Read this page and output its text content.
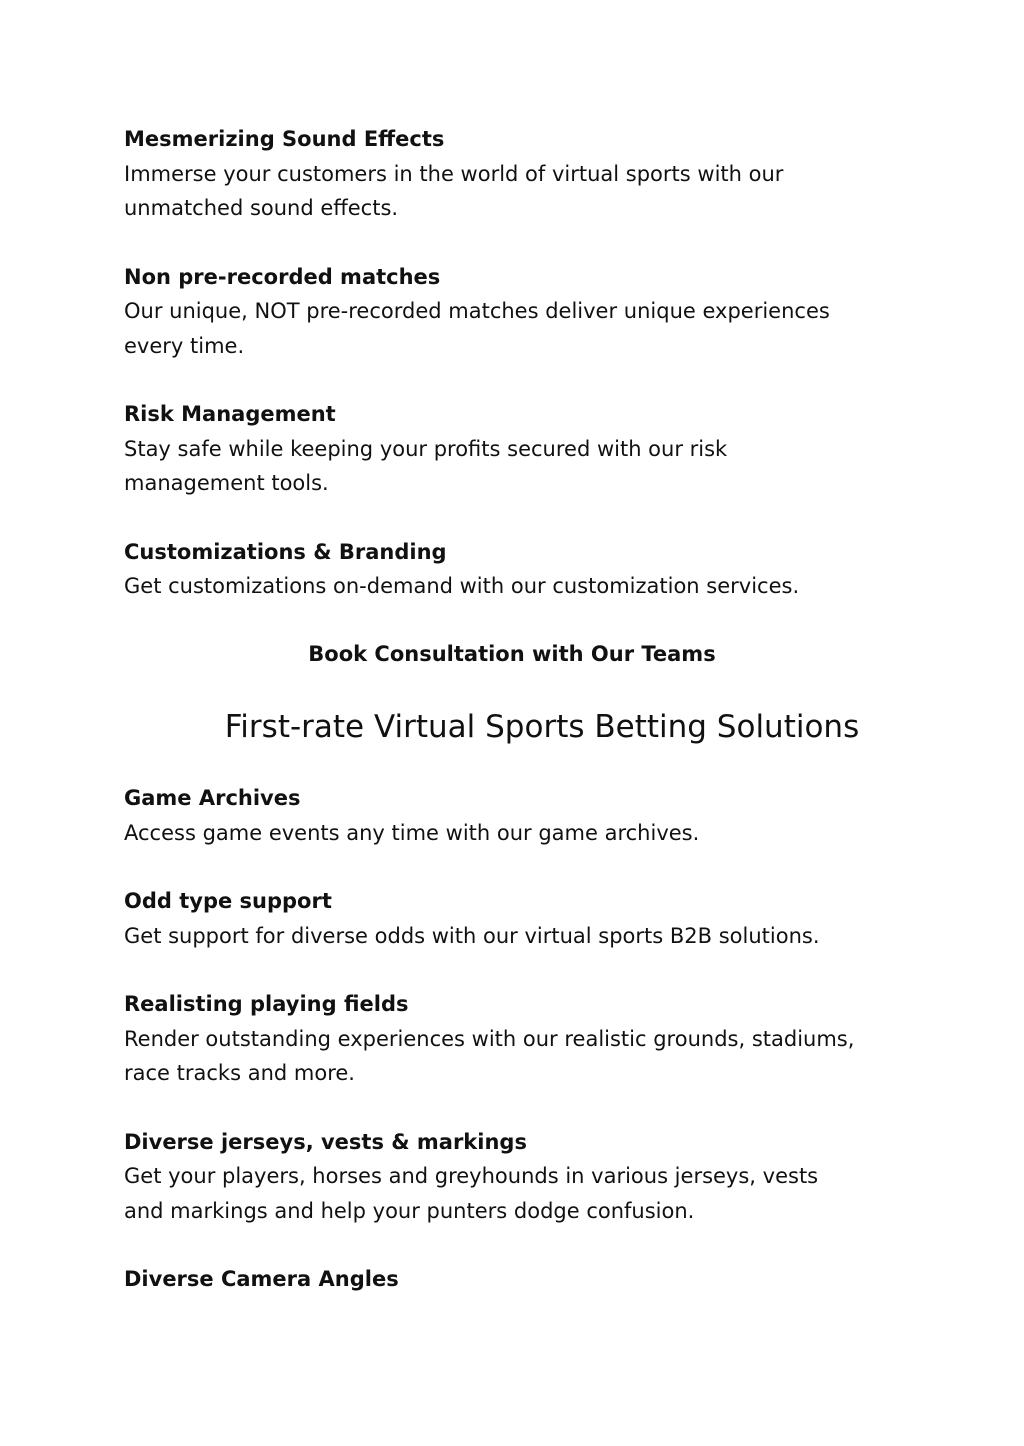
Mesmerizing Sound Effects
Immerse your customers in the world of virtual sports with our
unmatched sound effects.
Non pre-recorded matches
Our unique, NOT pre-recorded matches deliver unique experiences
every time.
Risk Management
Stay safe while keeping your profits secured with our risk
management tools.
Customizations & Branding
Get customizations on-demand with our customization services.
Book Consultation with Our Teams
First-rate Virtual Sports Betting Solutions
Game Archives
Access game events any time with our game archives.
Odd type support
Get support for diverse odds with our virtual sports B2B solutions.
Realisting playing fields
Render outstanding experiences with our realistic grounds, stadiums,
race tracks and more.
Diverse jerseys, vests & markings
Get your players, horses and greyhounds in various jerseys, vests
and markings and help your punters dodge confusion.
Diverse Camera Angles
